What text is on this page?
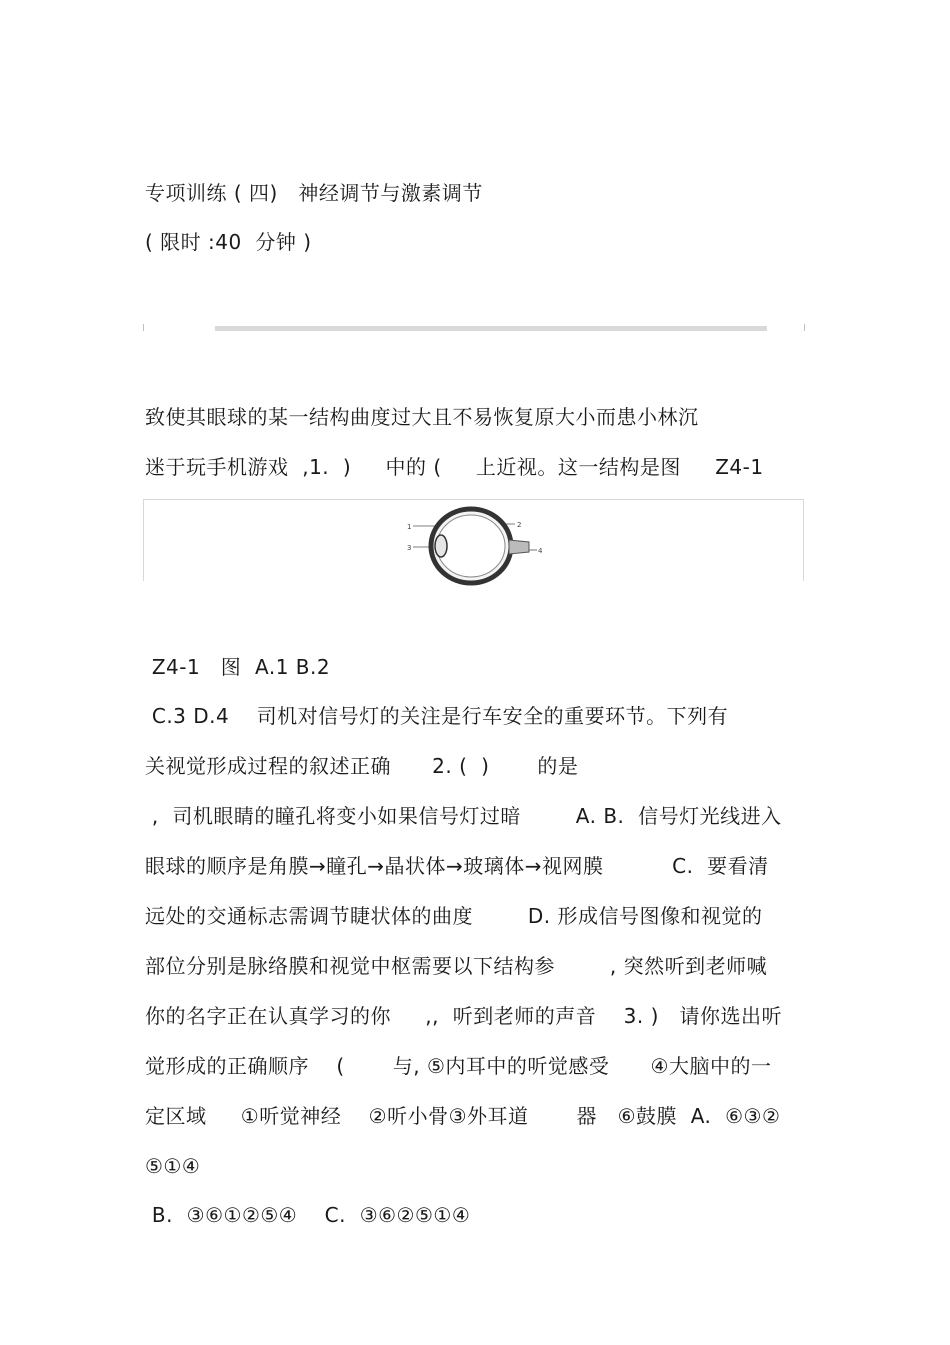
专项训练 ( 四)   神经调节与激素调节
( 限时 :40  分钟 )
致使其眼球的某一结构曲度过大且不易恢复原大小而患小林沉
迷于玩手机游戏  ,1.  )     中的 (     上近视。这一结构是图     Z4-1
1	2
3	4
Z4-1   图  A.1 B.2
C.3 D.4    司机对信号灯的关注是行车安全的重要环节。下列有
关视觉形成过程的叙述正确      2. (  )       的是
,  司机眼睛的瞳孔将变小如果信号灯过暗        A. B.  信号灯光线进入
眼球的顺序是角膜→瞳孔→晶状体→玻璃体→视网膜          C.  要看清
远处的交通标志需调节睫状体的曲度        D. 形成信号图像和视觉的
部位分别是脉络膜和视觉中枢需要以下结构参        , 突然听到老师喊
你的名字正在认真学习的你     ,,  听到老师的声音    3. )   请你选出听
觉形成的正确顺序    (       与, ⑤内耳中的听觉感受      ④大脑中的一
定区域     ①听觉神经    ②听小骨③外耳道       器   ⑥鼓膜  A.  ⑥③②
⑤①④
B.  ③⑥①②⑤④    C.  ③⑥②⑤①④
